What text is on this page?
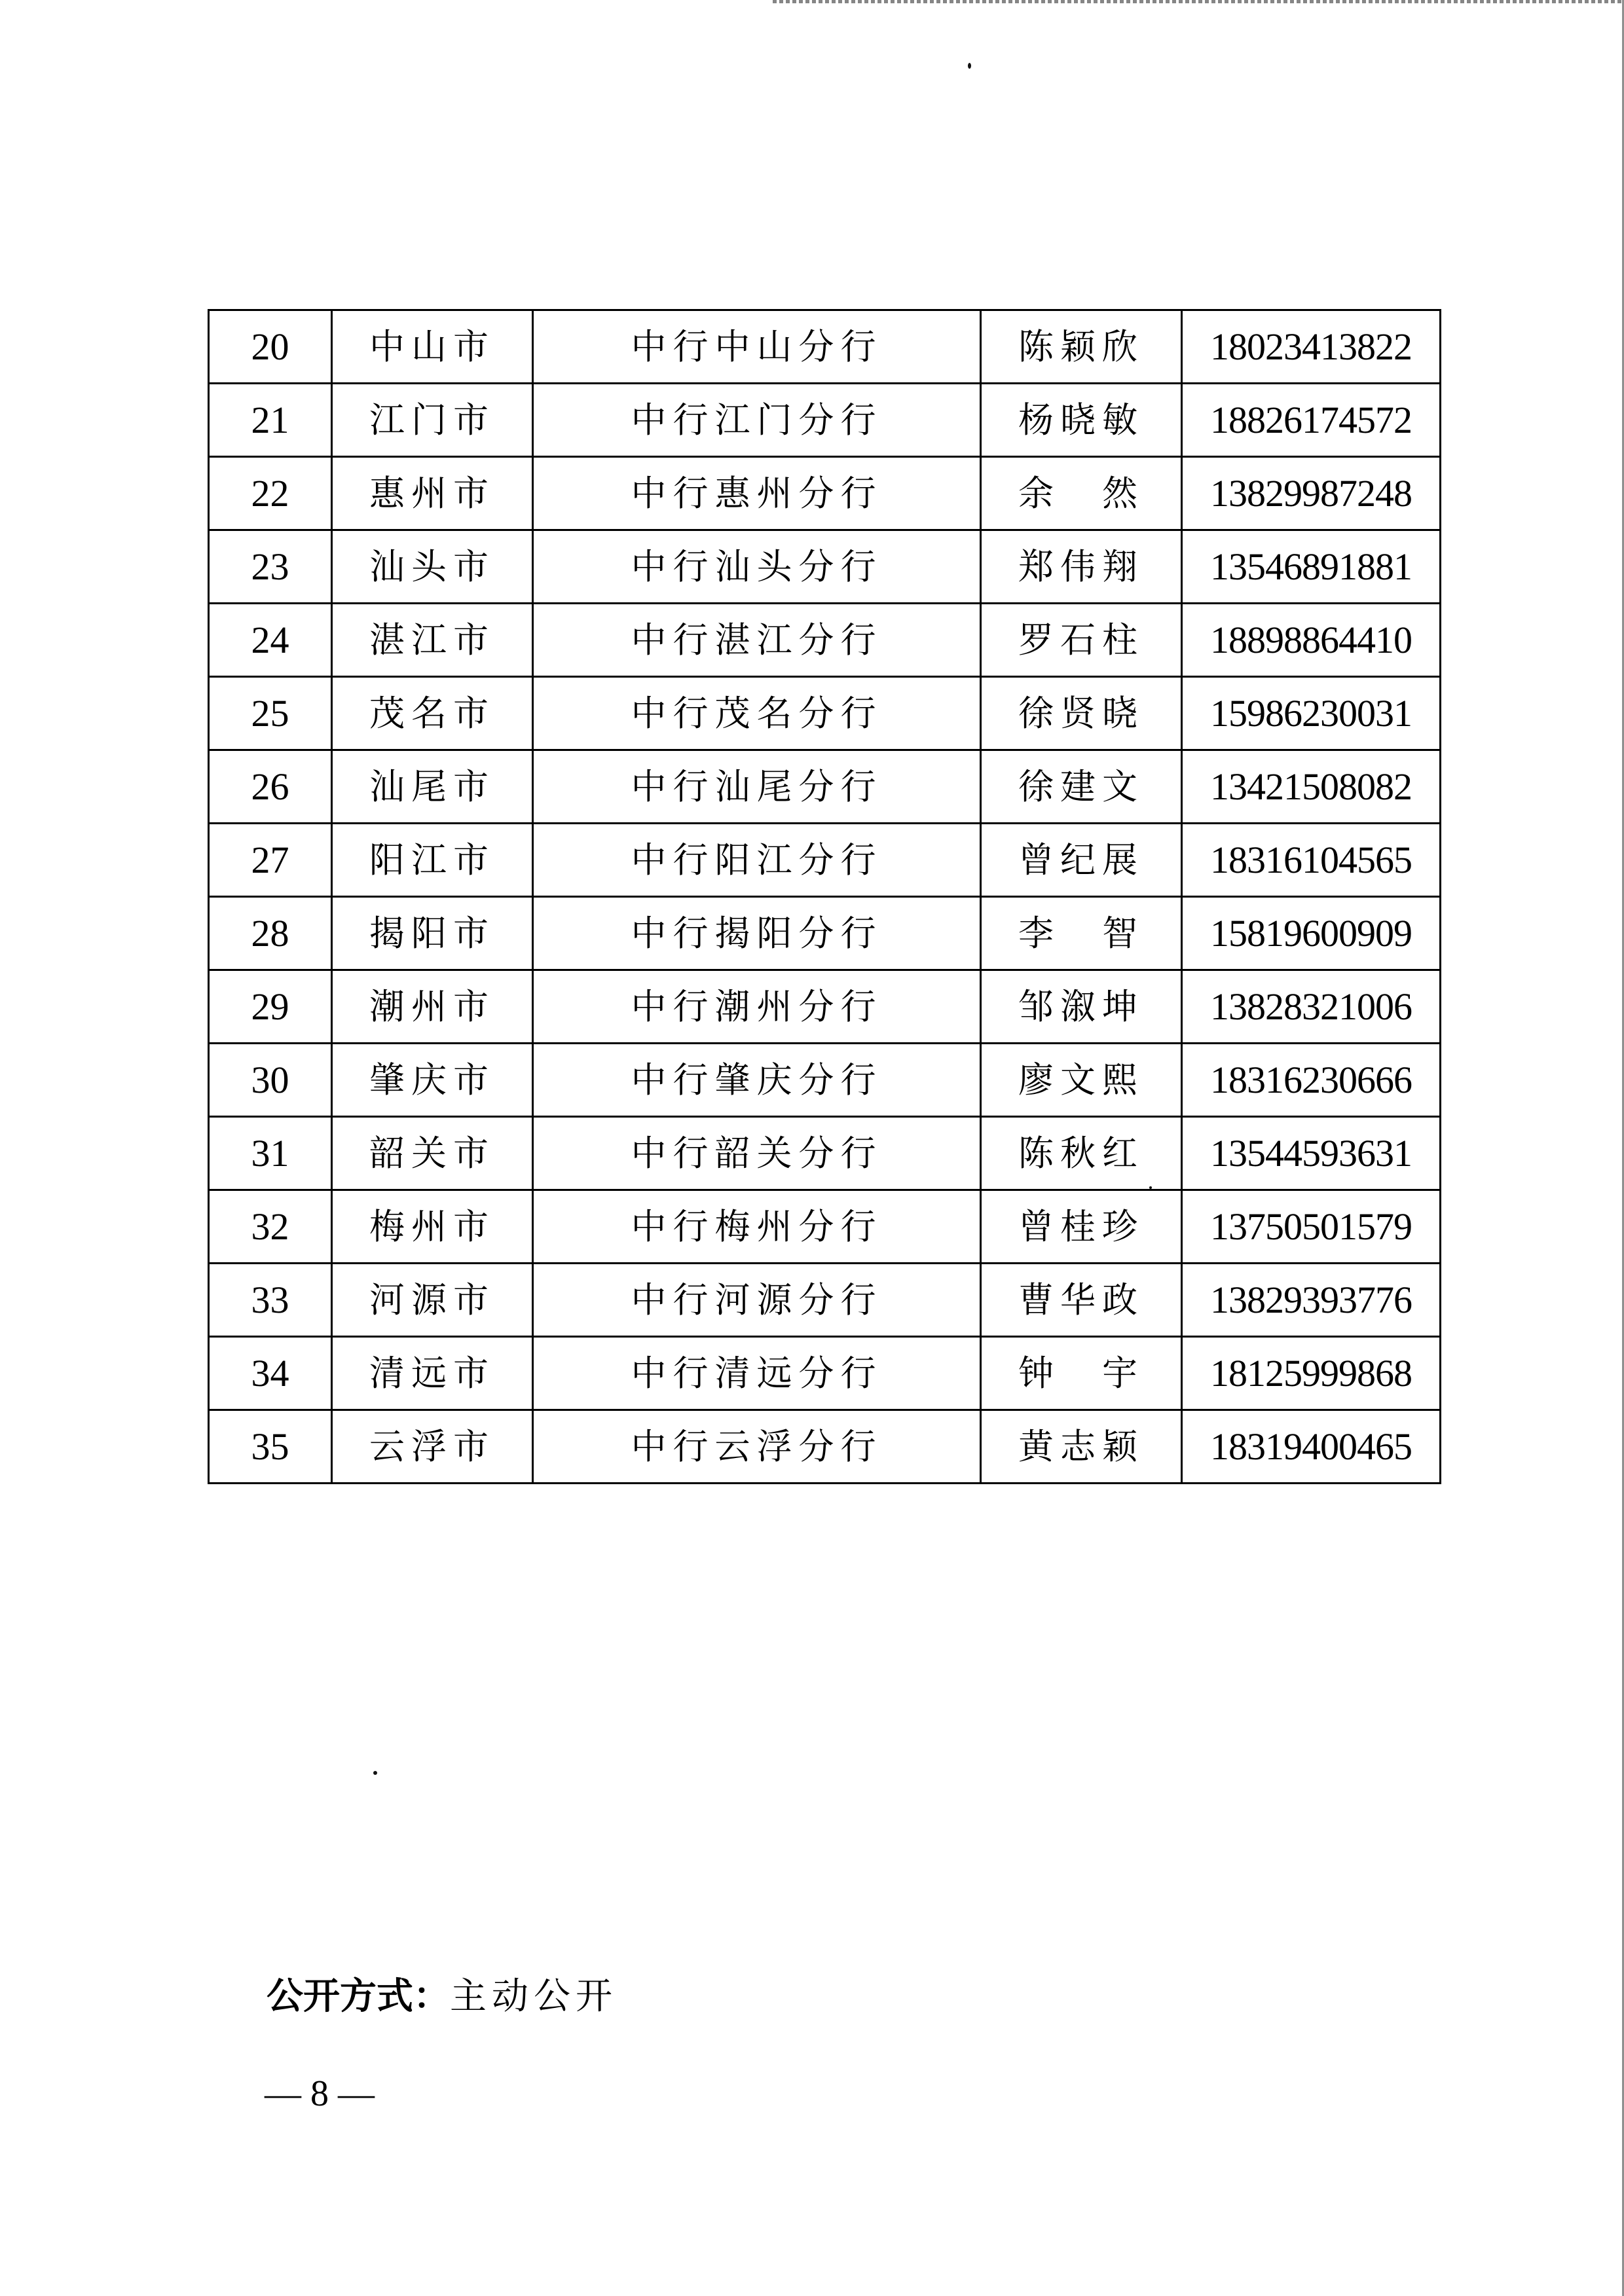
20	中山市	中行中山分行	陈颖欣	18023413822
21	江门市	中行江门分行	杨晓敏	18826174572
22	惠州市	中行惠州分行	余　然	13829987248
23	汕头市	中行汕头分行	郑伟翔	13546891881
24	湛江市	中行湛江分行	罗石柱	18898864410
25	茂名市	中行茂名分行	徐贤晓	15986230031
26	汕尾市	中行汕尾分行	徐建文	13421508082
27	阳江市	中行阳江分行	曾纪展	18316104565
28	揭阳市	中行揭阳分行	李　智	15819600909
29	潮州市	中行潮州分行	邹溆坤	13828321006
30	肇庆市	中行肇庆分行	廖文熙	18316230666
31	韶关市	中行韶关分行	陈秋红	13544593631
32	梅州市	中行梅州分行	曾桂珍	13750501579
33	河源市	中行河源分行	曹华政	13829393776
34	清远市	中行清远分行	钟　宇	18125999868
35	云浮市	中行云浮分行	黄志颖	18319400465
公开方式：主动公开
— 8 —
